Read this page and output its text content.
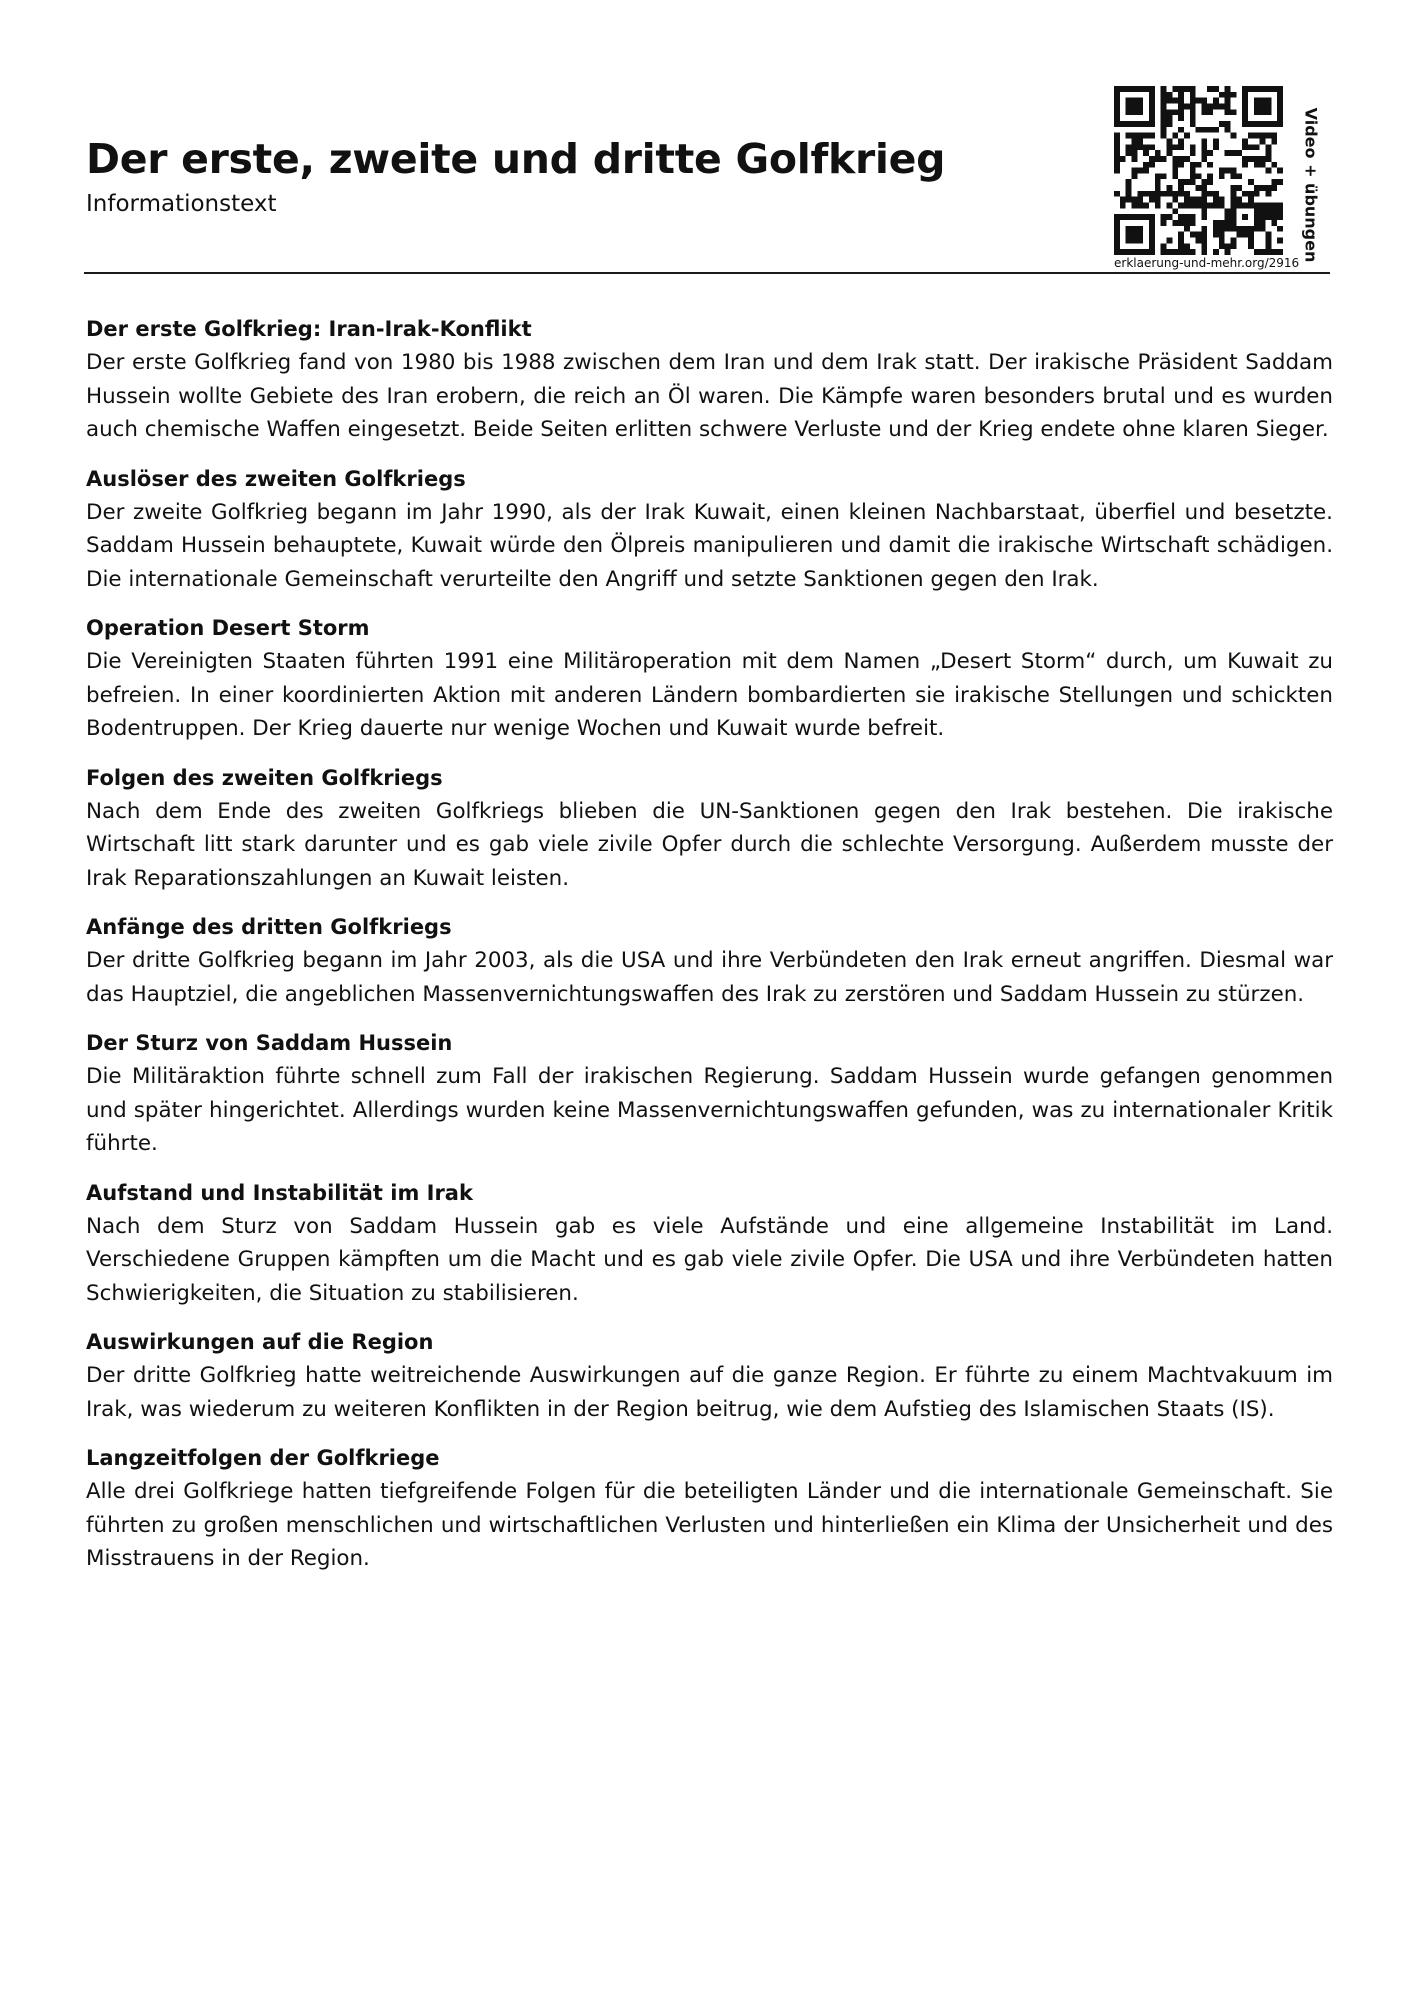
Der erste, zweite und dritte Golfkrieg
Informationstext	Video + übungen
erklaerung-und-mehr.org/2916
Der erste Golfkrieg: Iran-Irak-Konflikt

Der erste Golfkrieg fand von 1980 bis 1988 zwischen dem Iran und dem Irak statt. Der irakische Präsident Saddam Hussein wollte Gebiete des Iran erobern, die reich an Öl waren. Die Kämpfe waren besonders brutal und es wurden auch chemische Waffen eingesetzt. Beide Seiten erlitten schwere Verluste und der Krieg endete ohne klaren Sieger.

Auslöser des zweiten Golfkriegs

Der zweite Golfkrieg begann im Jahr 1990, als der Irak Kuwait, einen kleinen Nachbarstaat, überfiel und besetzte. Saddam Hussein behauptete, Kuwait würde den Ölpreis manipulieren und damit die irakische Wirtschaft schädigen. Die internationale Gemeinschaft verurteilte den Angriff und setzte Sanktionen gegen den Irak.

Operation Desert Storm

Die Vereinigten Staaten führten 1991 eine Militäroperation mit dem Namen „Desert Storm“ durch, um Kuwait zu befreien. In einer koordinierten Aktion mit anderen Ländern bombardierten sie irakische Stellungen und schickten Bodentruppen. Der Krieg dauerte nur wenige Wochen und Kuwait wurde befreit.

Folgen des zweiten Golfkriegs

Nach dem Ende des zweiten Golfkriegs blieben die UN-Sanktionen gegen den Irak bestehen. Die irakische Wirtschaft litt stark darunter und es gab viele zivile Opfer durch die schlechte Versorgung. Außerdem musste der Irak Reparationszahlungen an Kuwait leisten.

Anfänge des dritten Golfkriegs

Der dritte Golfkrieg begann im Jahr 2003, als die USA und ihre Verbündeten den Irak erneut angriffen. Diesmal war das Hauptziel, die angeblichen Massenvernichtungswaffen des Irak zu zerstören und Saddam Hussein zu stürzen.

Der Sturz von Saddam Hussein

Die Militäraktion führte schnell zum Fall der irakischen Regierung. Saddam Hussein wurde gefangen genommen und später hingerichtet. Allerdings wurden keine Massenvernichtungswaffen gefunden, was zu internationaler Kritik führte.

Aufstand und Instabilität im Irak

Nach dem Sturz von Saddam Hussein gab es viele Aufstände und eine allgemeine Instabilität im Land. Verschiedene Gruppen kämpften um die Macht und es gab viele zivile Opfer. Die USA und ihre Verbündeten hatten Schwierigkeiten, die Situation zu stabilisieren.

Auswirkungen auf die Region

Der dritte Golfkrieg hatte weitreichende Auswirkungen auf die ganze Region. Er führte zu einem Machtvakuum im Irak, was wiederum zu weiteren Konflikten in der Region beitrug, wie dem Aufstieg des Islamischen Staats (IS).

Langzeitfolgen der Golfkriege

Alle drei Golfkriege hatten tiefgreifende Folgen für die beteiligten Länder und die internationale Gemeinschaft. Sie führten zu großen menschlichen und wirtschaftlichen Verlusten und hinterließen ein Klima der Unsicherheit und des Misstrauens in der Region.
